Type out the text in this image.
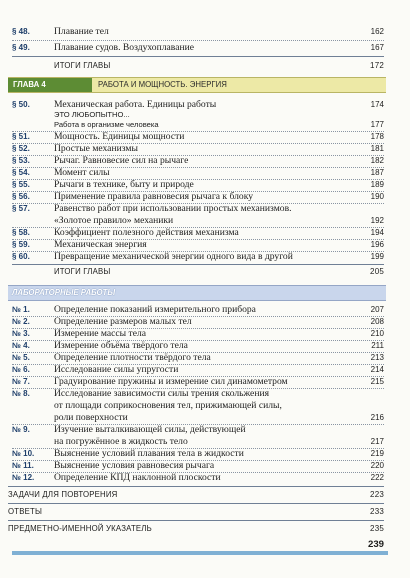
§ 48.	Плавание тел	162
§ 49.	Плавание судов. Воздухоплавание	167
ИТОГИ ГЛАВЫ	172
ГЛАВА 4	РАБОТА И МОЩНОСТЬ. ЭНЕРГИЯ
§ 50.	Механическая работа. Единицы работы	174
ЭТО ЛЮБОПЫТНО...
Работа в организме человека	177
§ 51.	Мощность. Единицы мощности	178
§ 52.	Простые механизмы	181
§ 53.	Рычаг. Равновесие сил на рычаге	182
§ 54.	Момент силы	187
§ 55.	Рычаги в технике, быту и природе	189
§ 56.	Применение правила равновесия рычага к блоку	190
§ 57.	Равенство работ при использовании простых механизмов.
«Золотое правило» механики	192
§ 58.	Коэффициент полезного действия механизма	194
§ 59.	Механическая энергия	196
§ 60.	Превращение механической энергии одного вида в другой	199
ИТОГИ ГЛАВЫ	205
ЛАБОРАТОРНЫЕ РАБОТЫ
№ 1.	Определение показаний измерительного прибора	207
№ 2.	Определение размеров малых тел	208
№ 3.	Измерение массы тела	210
№ 4.	Измерение объёма твёрдого тела	211
№ 5.	Определение плотности твёрдого тела	213
№ 6.	Исследование силы упругости	214
№ 7.	Градуирование пружины и измерение сил динамометром	215
№ 8.	Исследование зависимости силы трения скольжения
от площади соприкосновения тел, прижимающей силы,
роли поверхности	216
№ 9.	Изучение выталкивающей силы, действующей
на погружённое в жидкость тело	217
№ 10.	Выяснение условий плавания тела в жидкости	219
№ 11.	Выяснение условия равновесия рычага	220
№ 12.	Определение КПД наклонной плоскости	222
ЗАДАЧИ ДЛЯ ПОВТОРЕНИЯ	223
ОТВЕТЫ	233
ПРЕДМЕТНО-ИМЕННОЙ УКАЗАТЕЛЬ	235
239
